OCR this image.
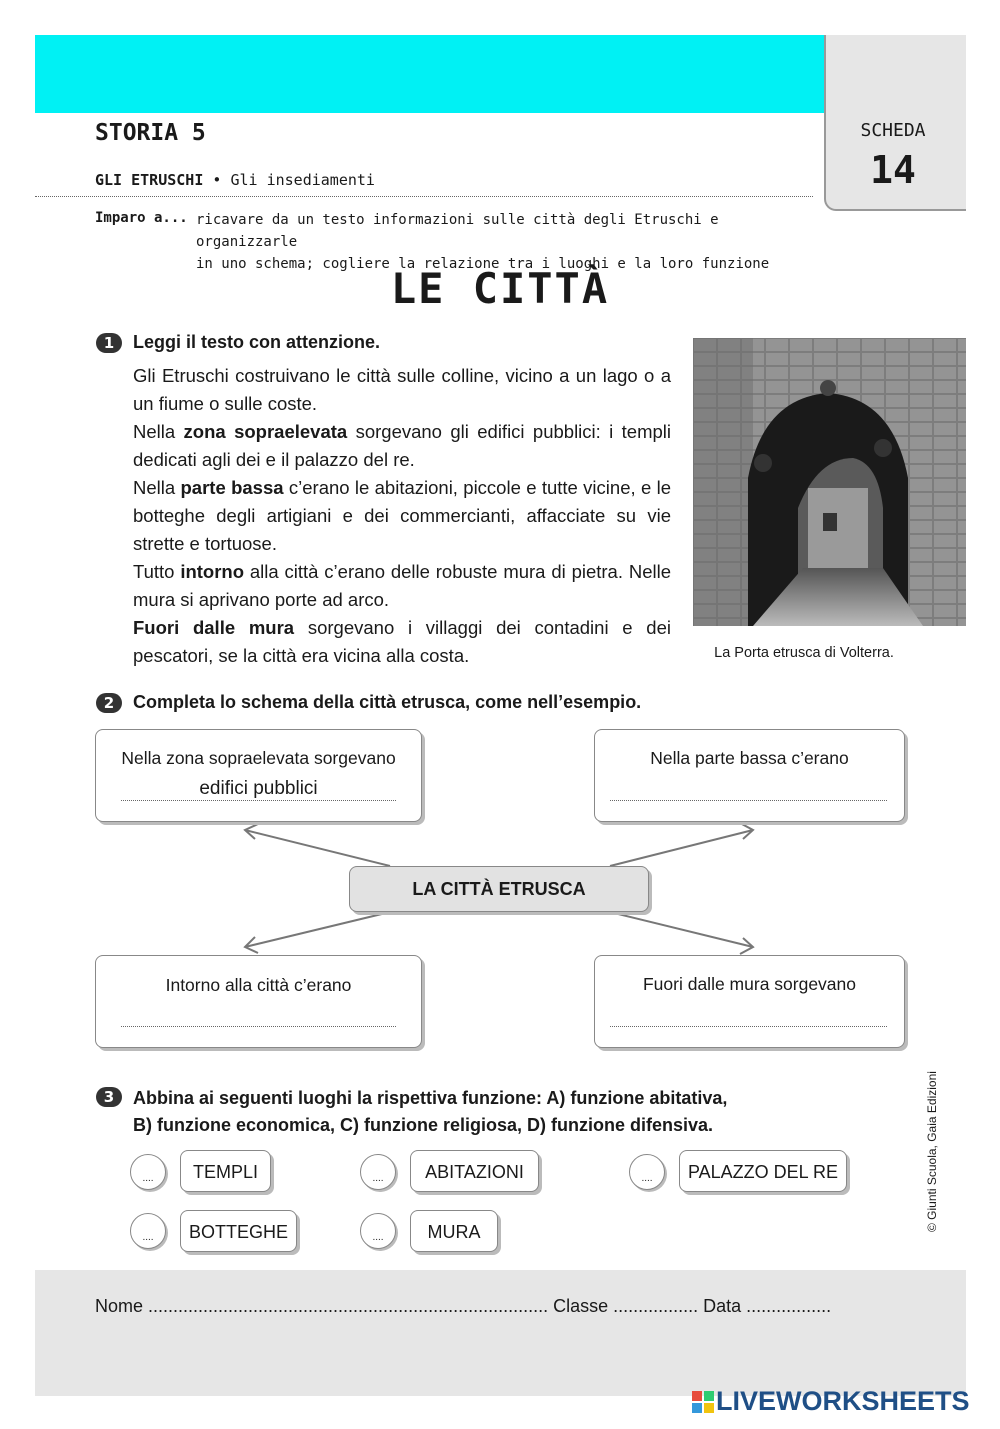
SCHEDA
14
STORIA 5
GLI ETRUSCHI • Gli insediamenti
Imparo a... ricavare da un testo informazioni sulle città degli Etruschi e organizzarle
in uno schema; cogliere la relazione tra i luoghi e la loro funzione
LE CITTÀ
1	Leggi il testo con attenzione.

Gli Etruschi costruivano le città sulle colline, vicino a un lago o a un fiume o sulle coste.

Nella zona sopraelevata sorgevano gli edifici pubblici: i templi dedicati agli dei e il palazzo del re.

Nella parte bassa c’erano le abitazioni, piccole e tutte vicine, e le botteghe degli artigiani e dei commercianti, affacciate su vie strette e tortuose.

Tutto intorno alla città c’erano delle robuste mura di pietra. Nelle mura si aprivano porte ad arco.

Fuori dalle mura sorgevano i villaggi dei contadini e dei pescatori, se la città era vicina alla costa.	La Porta etrusca di Volterra.
2	Completa lo schema della città etrusca, come nell’esempio.
Nella zona sopraelevata sorgevano
edifici pubblici
Nella parte bassa c’erano
LA CITTÀ ETRUSCA
Intorno alla città c’erano	Fuori dalle mura sorgevano
3	Abbina ai seguenti luoghi la rispettiva funzione: A) funzione abitativa,
B) funzione economica, C) funzione religiosa, D) funzione difensiva.
....	TEMPLI	....	ABITAZIONI	....	PALAZZO DEL RE
....	BOTTEGHE	....	MURA	© Giunti Scuola, Gaia Edizioni
Nome ................................................................................ Classe ................. Data .................
LIVEWORKSHEETS
